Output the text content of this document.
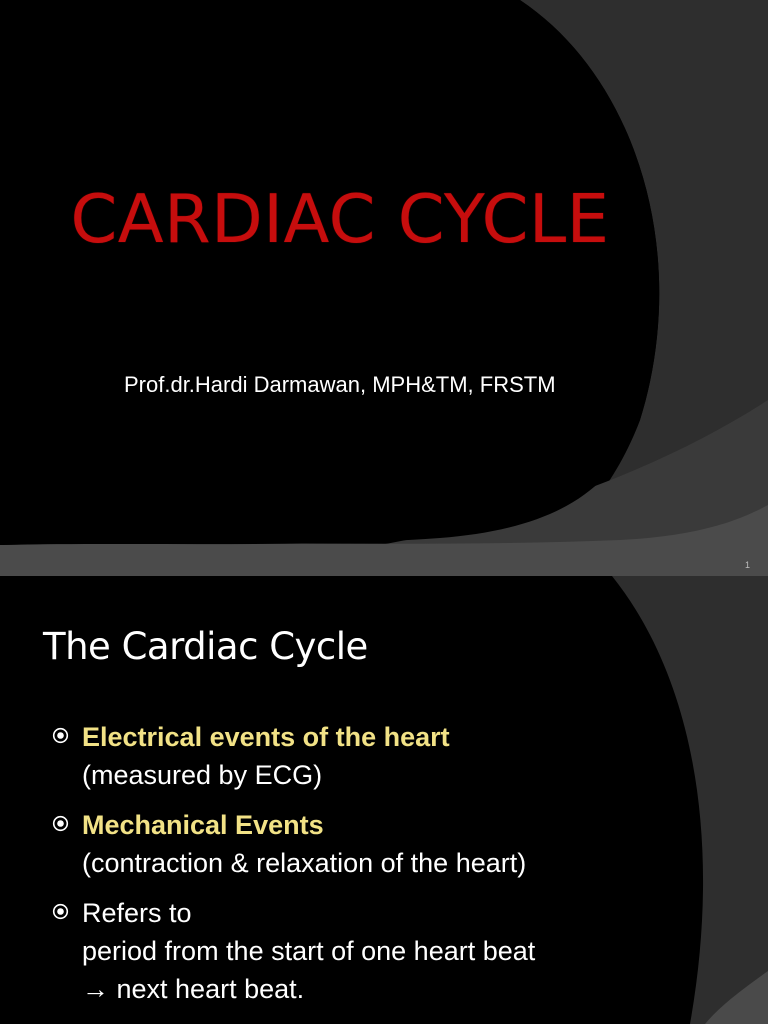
CARDIAC CYCLE

Prof.dr.Hardi Darmawan, MPH&TM, FRSTM

1
The Cardiac Cycle
Electrical events of the heart
(measured by ECG)
Mechanical Events
(contraction & relaxation of the heart)
Refers to
period from the start of one heart beat
→ next heart beat.
